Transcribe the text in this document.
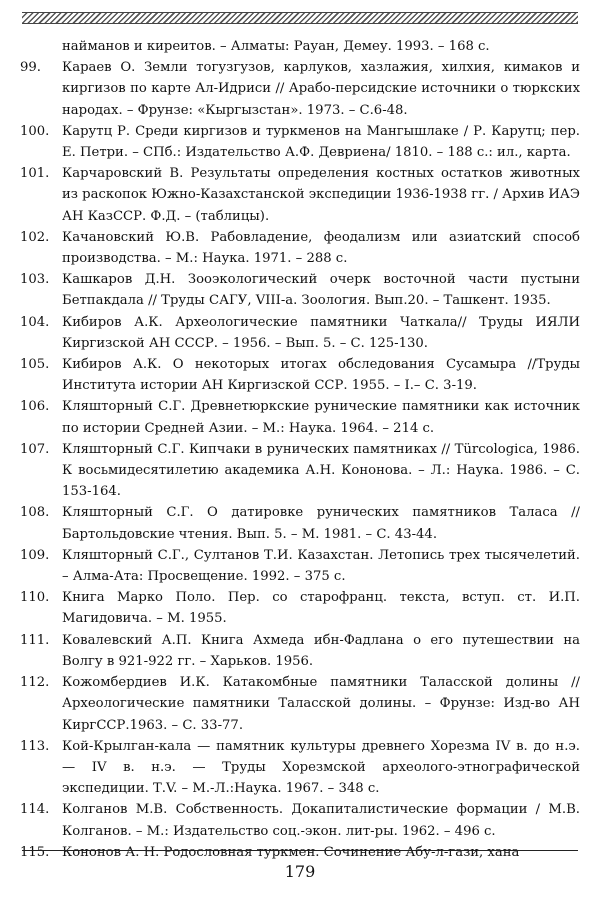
найманов и киреитов. – Алматы: Рауан, Демеу. 1993. – 168 с.
99.	Караев О. Земли тогузгузов, карлуков, хазлажия, хилхия, кимаков и киргизов по карте Ал-Идриси // Арабо-персидские источники о тюркских народах. – Фрунзе: «Кыргызстан». 1973. – С.6-48.
100. Карутц Р. Среди киргизов и туркменов на Мангышлаке / Р. Карутц; пер. Е. Петри. – СПб.: Издательство А.Ф. Девриена/ 1810. – 188 с.: ил., карта.
101. Карчаровский В. Результаты определения костных остатков животных из раскопок Южно-Казахстанской экспедиции 1936-1938 гг. / Архив ИАЭ АН КазССР. Ф.Д. – (таблицы).
102. Качановский Ю.В. Рабовладение, феодализм или азиатский способ производства. – М.: Наука. 1971. – 288 с.
103. Кашкаров Д.Н. Зооэкологический очерк восточной части пустыни Бетпакдала // Труды САГУ, VIII-а. Зоология. Вып.20. – Ташкент. 1935.
104. Кибиров А.К. Археологические памятники Чаткала// Труды ИЯЛИ Киргизской АН СССР. – 1956. – Вып. 5. – С. 125-130.
105. Кибиров А.К. О некоторых итогах обследования Сусамыра //Труды Института истории АН Киргизской ССР. 1955. – I.– С. 3-19.
106. Кляшторный С.Г. Древнетюркские рунические памятники как источник по истории Средней Азии. – М.: Наука. 1964. – 214 с.
107. Кляшторный С.Г. Кипчаки в рунических памятниках // Türcologica, 1986. К восьмидесятилетию академика А.Н. Кононова. – Л.: Наука. 1986. – С. 153-164.
108. Кляшторный С.Г. О датировке рунических памятников Таласа // Бартольдовские чтения. Вып. 5. – М. 1981. – С. 43-44.
109. Кляшторный С.Г., Султанов Т.И. Казахстан. Летопись трех тысячелетий. – Алма-Ата: Просвещение. 1992. – 375 с.
110. Книга Марко Поло. Пер. со старофранц. текста, вступ. ст. И.П. Магидовича. – М. 1955.
111. Ковалевский А.П. Книга Ахмеда ибн-Фадлана о его путешествии на Волгу в 921-922 гг. – Харьков. 1956.
112. Кожомбердиев И.К. Катакомбные памятники Таласской долины // Археологические памятники Таласской долины. – Фрунзе: Изд-во АН КиргССР.1963. – С. 33-77.
113. Кой-Крылган-кала — памятник культуры древнего Хорезма IV в. до н.э. — IV в. н.э. — Труды Хорезмской археолого-этнографической экспедиции. Т.V. – М.-Л.:Наука. 1967. – 348 с.
114. Колганов М.В. Собственность. Докапиталистические формации / М.В. Колганов. – М.: Издательство соц.-экон. лит-ры. 1962. – 496 с.
115. Кононов А. Н. Родословная туркмен. Сочинение Абу-л-гази, хана
179
